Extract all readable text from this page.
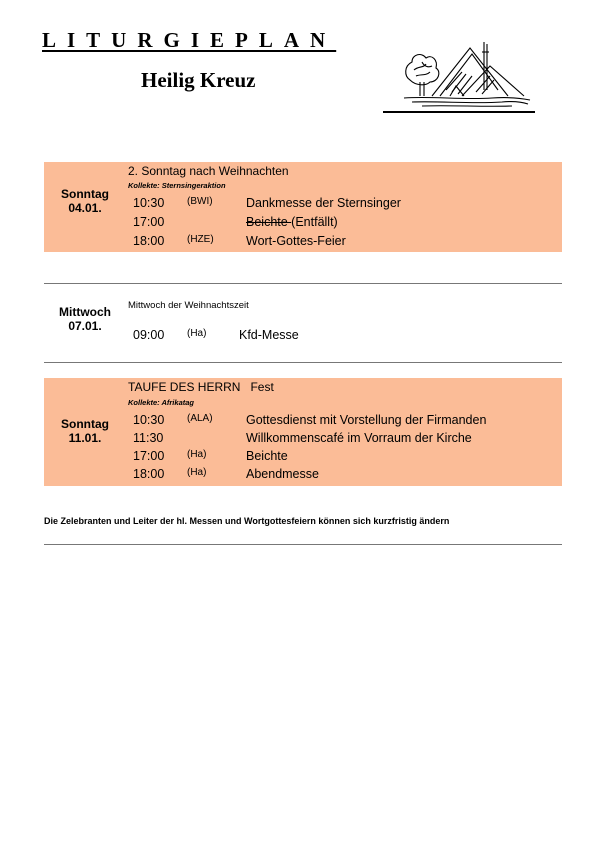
LITURGIEPLAN
Heilig Kreuz
Sonntag
04.01.
2. Sonntag nach Weihnachten
Kollekte: Sternsingeraktion
10:30 (BWI)	Dankmesse der Sternsinger
17:00	Beichte (Entfällt)
18:00 (HZE)	Wort-Gottes-Feier
Mittwoch
07.01.
Mittwoch der Weihnachtszeit
09:00 (Ha)	Kfd-Messe
Sonntag
11.01.
TAUFE DES HERRN Fest
Kollekte: Afrikatag
10:30 (ALA)	Gottesdienst mit Vorstellung der Firmanden
11:30	Willkommenscafé im Vorraum der Kirche
17:00 (Ha)	Beichte
18:00 (Ha)	Abendmesse
Die Zelebranten und Leiter der hl. Messen und Wortgottesfeiern können sich kurzfristig ändern
